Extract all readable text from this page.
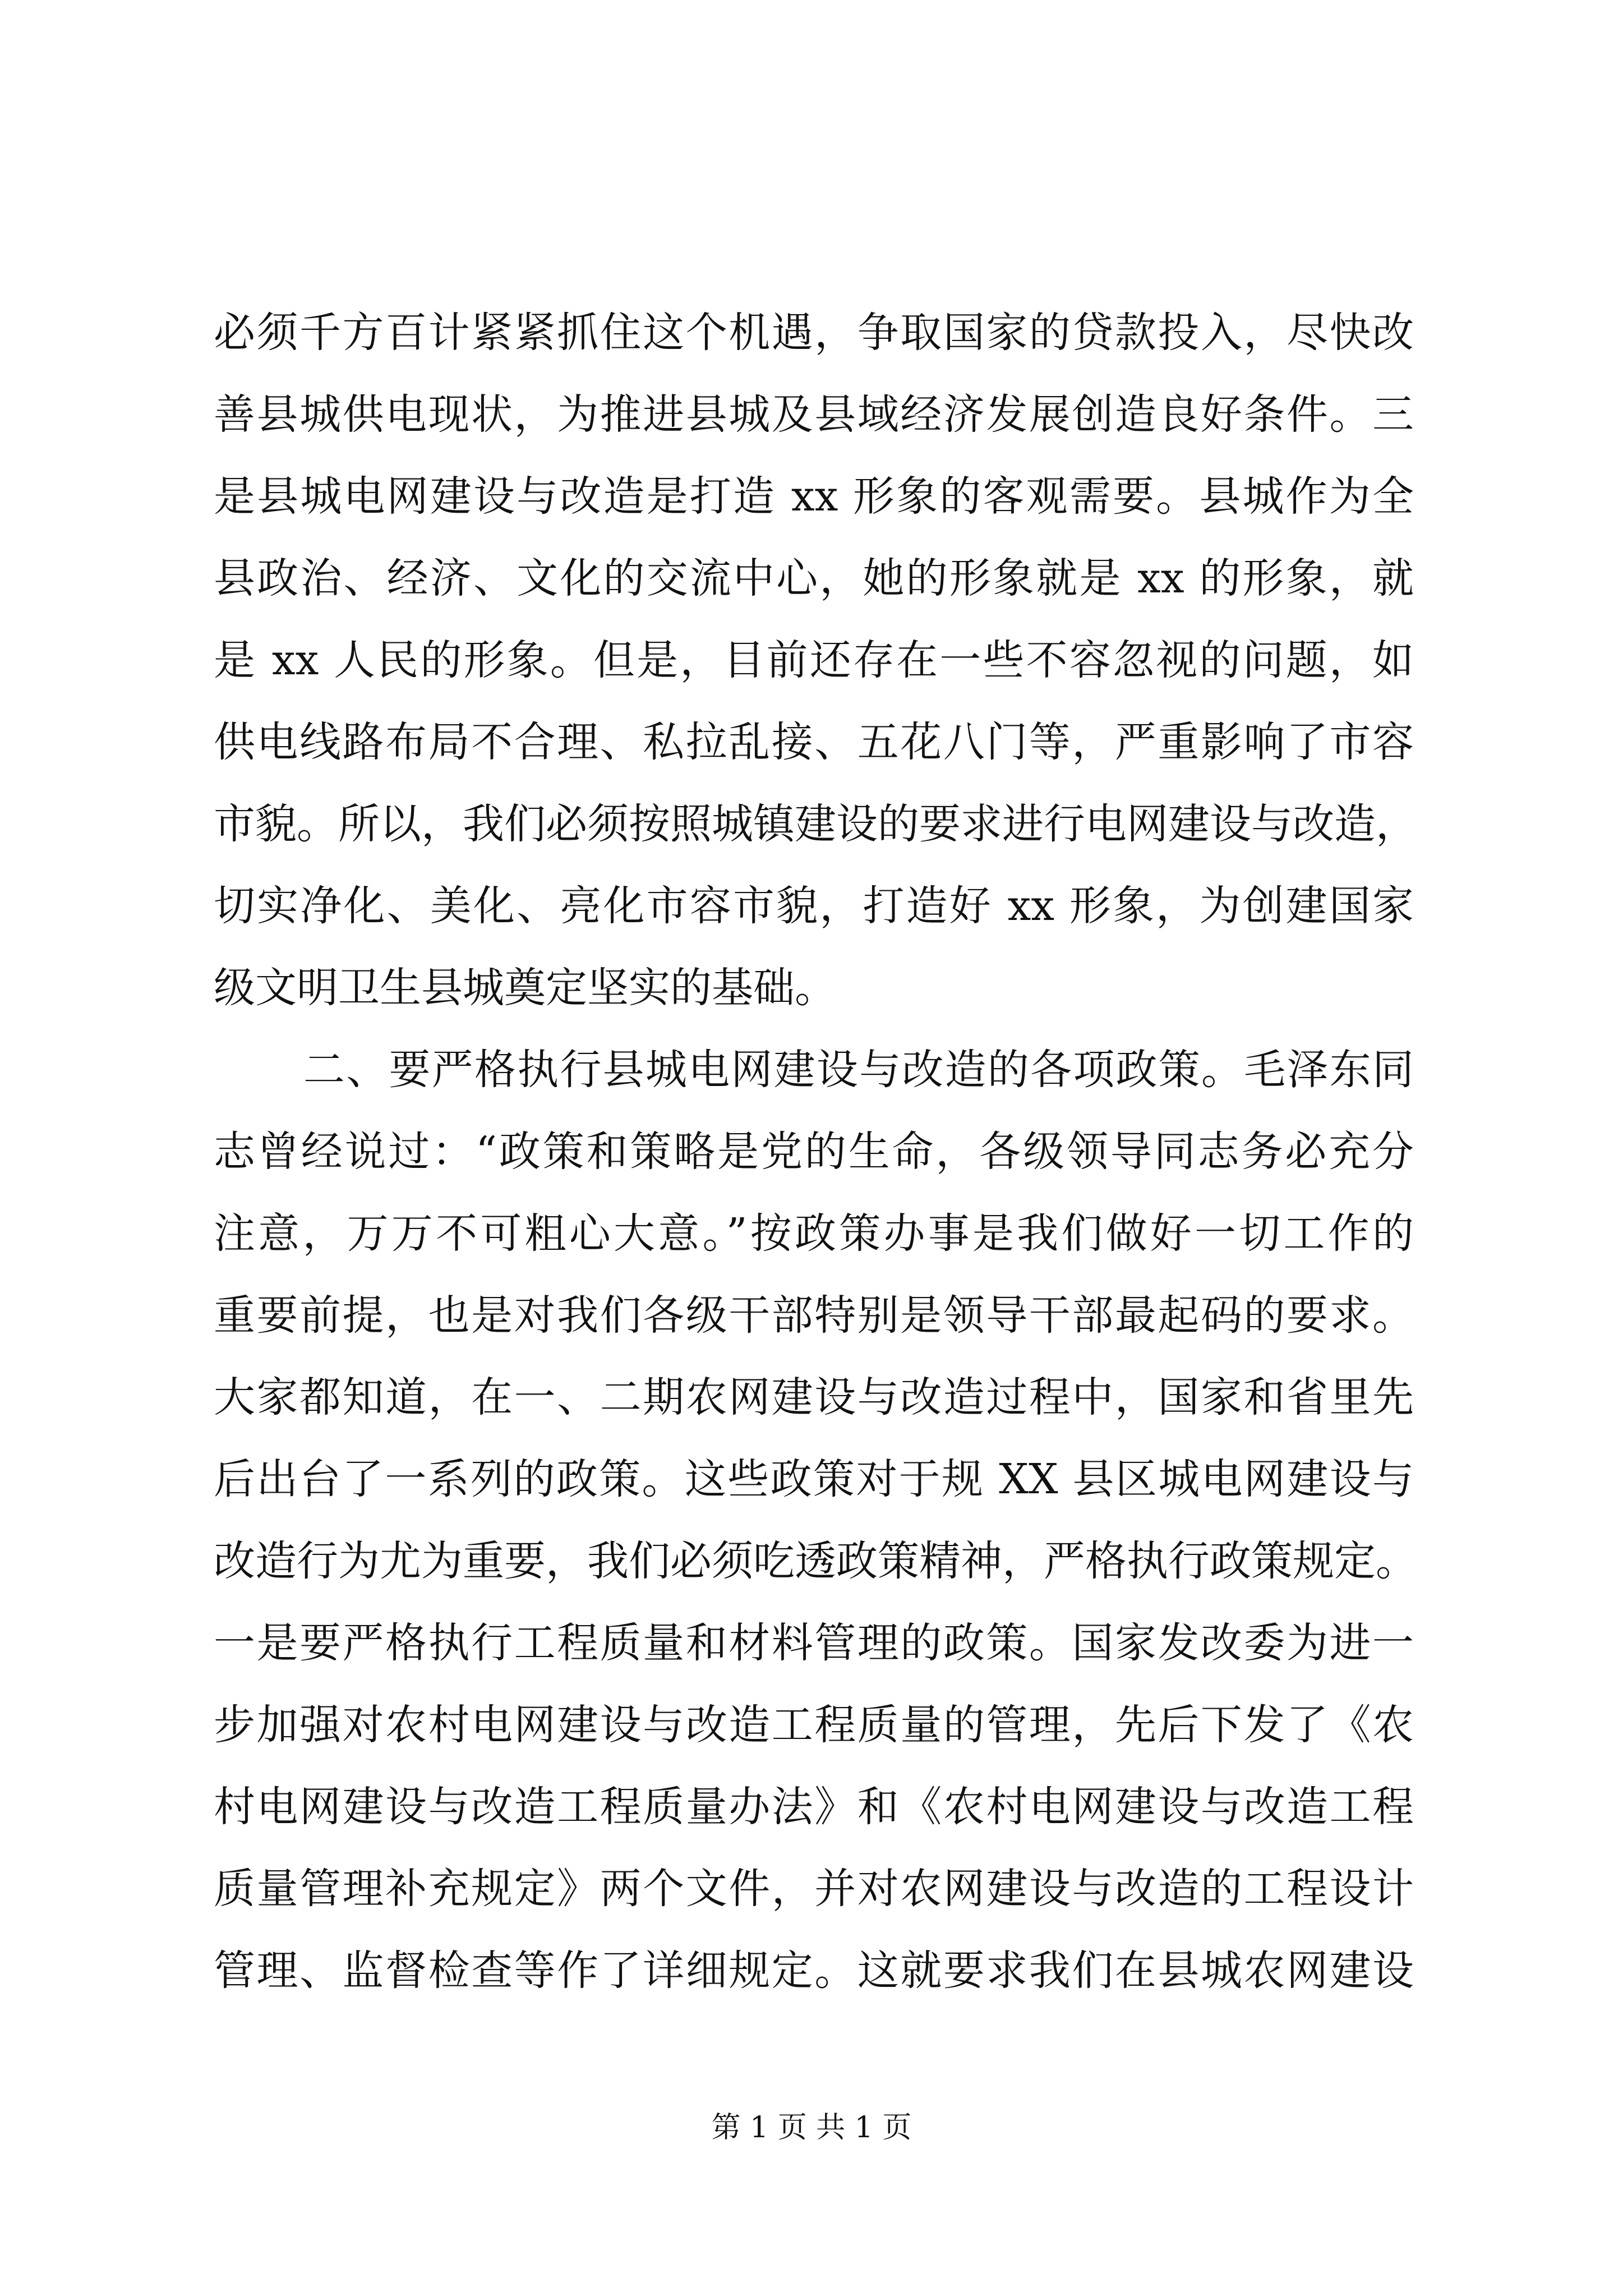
必须千方百计紧紧抓住这个机遇，争取国家的贷款投入，尽快改
善县城供电现状，为推进县城及县域经济发展创造良好条件。三
是县城电网建设与改造是打造 xx 形象的客观需要。县城作为全
县政治、经济、文化的交流中心，她的形象就是 xx 的形象，就
是 xx 人民的形象。但是，目前还存在一些不容忽视的问题，如
供电线路布局不合理、私拉乱接、五花八门等，严重影响了市容
市貌。所以，我们必须按照城镇建设的要求进行电网建设与改造，
切实净化、美化、亮化市容市貌，打造好 xx 形象，为创建国家
级文明卫生县城奠定坚实的基础。
二、要严格执行县城电网建设与改造的各项政策。毛泽东同
志曾经说过：“政策和策略是党的生命，各级领导同志务必充分
注意，万万不可粗心大意。”按政策办事是我们做好一切工作的
重要前提，也是对我们各级干部特别是领导干部最起码的要求。
大家都知道，在一、二期农网建设与改造过程中，国家和省里先
后出台了一系列的政策。这些政策对于规 XX 县区城电网建设与
改造行为尤为重要，我们必须吃透政策精神，严格执行政策规定。
一是要严格执行工程质量和材料管理的政策。国家发改委为进一
步加强对农村电网建设与改造工程质量的管理，先后下发了《农
村电网建设与改造工程质量办法》和《农村电网建设与改造工程
质量管理补充规定》两个文件，并对农网建设与改造的工程设计
管理、监督检查等作了详细规定。这就要求我们在县城农网建设
第 1 页 共 1 页
